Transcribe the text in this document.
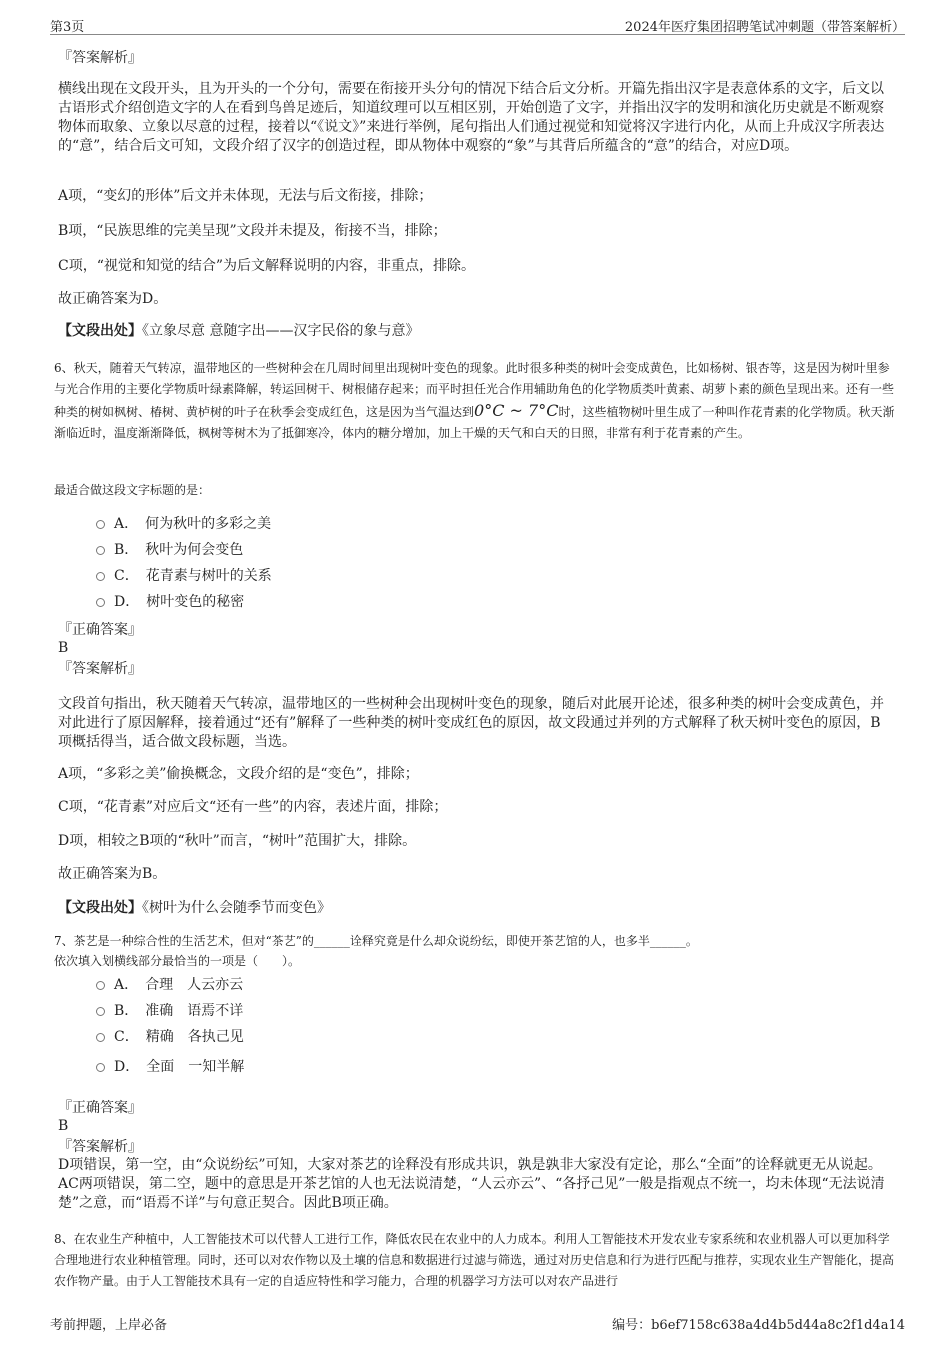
第3页	2024年医疗集团招聘笔试冲刺题（带答案解析）
『答案解析』
横线出现在文段开头，且为开头的一个分句，需要在衔接开头分句的情况下结合后文分析。开篇先指出汉字是表意体系的文字，后文以古语形式介绍创造文字的人在看到鸟兽足迹后，知道纹理可以互相区别，开始创造了文字，并指出汉字的发明和演化历史就是不断观察物体而取象、立象以尽意的过程，接着以“《说文》”来进行举例，尾句指出人们通过视觉和知觉将汉字进行内化，从而上升成汉字所表达的“意”，结合后文可知，文段介绍了汉字的创造过程，即从物体中观察的“象”与其背后所蕴含的“意”的结合，对应D项。
A项，“变幻的形体”后文并未体现，无法与后文衔接，排除；
B项，“民族思维的完美呈现”文段并未提及，衔接不当，排除；
C项，“视觉和知觉的结合”为后文解释说明的内容，非重点，排除。
故正确答案为D。
【文段出处】《立象尽意 意随字出——汉字民俗的象与意》
6、秋天，随着天气转凉，温带地区的一些树种会在几周时间里出现树叶变色的现象。此时很多种类的树叶会变成黄色，比如杨树、银杏等，这是因为树叶里参与光合作用的主要化学物质叶绿素降解，转运回树干、树根储存起来；而平时担任光合作用辅助角色的化学物质类叶黄素、胡萝卜素的颜色呈现出来。还有一些种类的树如枫树、椿树、黄栌树的叶子在秋季会变成红色，这是因为当气温达到0°C ~ 7°C时，这些植物树叶里生成了一种叫作花青素的化学物质。秋天渐渐临近时，温度渐渐降低，枫树等树木为了抵御寒冷，体内的糖分增加，加上干燥的天气和白天的日照，非常有利于花青素的产生。
最适合做这段文字标题的是：
A．　何为秋叶的多彩之美
B．　秋叶为何会变色
C．　花青素与树叶的关系
D．　树叶变色的秘密
『正确答案』
B
『答案解析』
文段首句指出，秋天随着天气转凉，温带地区的一些树种会出现树叶变色的现象，随后对此展开论述，很多种类的树叶会变成黄色，并对此进行了原因解释，接着通过“还有”解释了一些种类的树叶变成红色的原因，故文段通过并列的方式解释了秋天树叶变色的原因，B项概括得当，适合做文段标题，当选。
A项，“多彩之美”偷换概念，文段介绍的是“变色”，排除；
C项，“花青素”对应后文“还有一些”的内容，表述片面，排除；
D项，相较之B项的“秋叶”而言，“树叶”范围扩大，排除。
故正确答案为B。
【文段出处】《树叶为什么会随季节而变色》
7、茶艺是一种综合性的生活艺术，但对“茶艺”的______诠释究竟是什么却众说纷纭，即使开茶艺馆的人，也多半______。
依次填入划横线部分最恰当的一项是（　　）。
A．　合理　人云亦云
B．　准确　语焉不详
C．　精确　各执己见
D．　全面　一知半解
『正确答案』
B
『答案解析』
D项错误，第一空，由“众说纷纭”可知，大家对茶艺的诠释没有形成共识，孰是孰非大家没有定论，那么“全面”的诠释就更无从说起。AC两项错误，第二空，题中的意思是开茶艺馆的人也无法说清楚，“人云亦云”、“各抒己见”一般是指观点不统一，均未体现“无法说清楚”之意，而“语焉不详”与句意正契合。因此B项正确。
8、在农业生产种植中，人工智能技术可以代替人工进行工作，降低农民在农业中的人力成本。利用人工智能技术开发农业专家系统和农业机器人可以更加科学合理地进行农业种植管理。同时，还可以对农作物以及土壤的信息和数据进行过滤与筛选，通过对历史信息和行为进行匹配与推荐，实现农业生产智能化，提高农作物产量。由于人工智能技术具有一定的自适应特性和学习能力，合理的机器学习方法可以对农产品进行
考前押题，上岸必备	编号：b6ef7158c638a4d4b5d44a8c2f1d4a14
